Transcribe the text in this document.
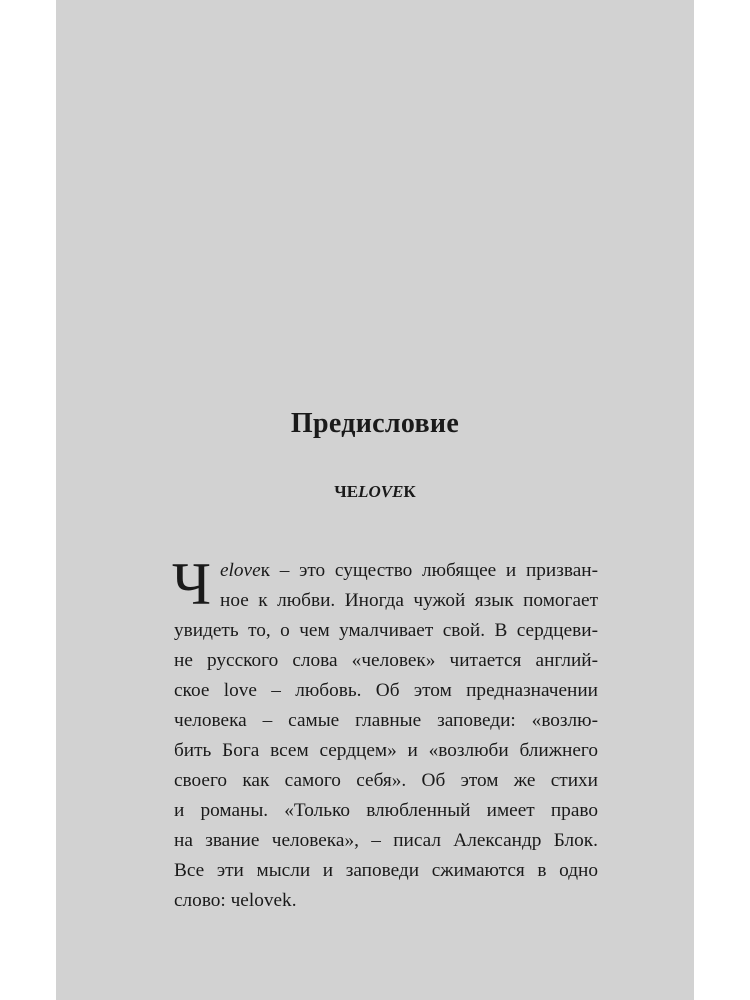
Предисловие
ЧЕLOVEК
Ч eloveк – это существо любящее и призван-
ное к любви. Иногда чужой язык помогает
увидеть то, о чем умалчивает свой. В сердцеви-
не русского слова «человек» читается англий-
ское love – любовь. Об этом предназначении
человека – самые главные заповеди: «возлю-
бить Бога всем сердцем» и «возлюби ближнего
своего как самого себя». Об этом же стихи
и романы. «Только влюбленный имеет право
на звание человека», – писал Александр Блок.
Все эти мысли и заповеди сжимаются в одно
слово: чelovek.
